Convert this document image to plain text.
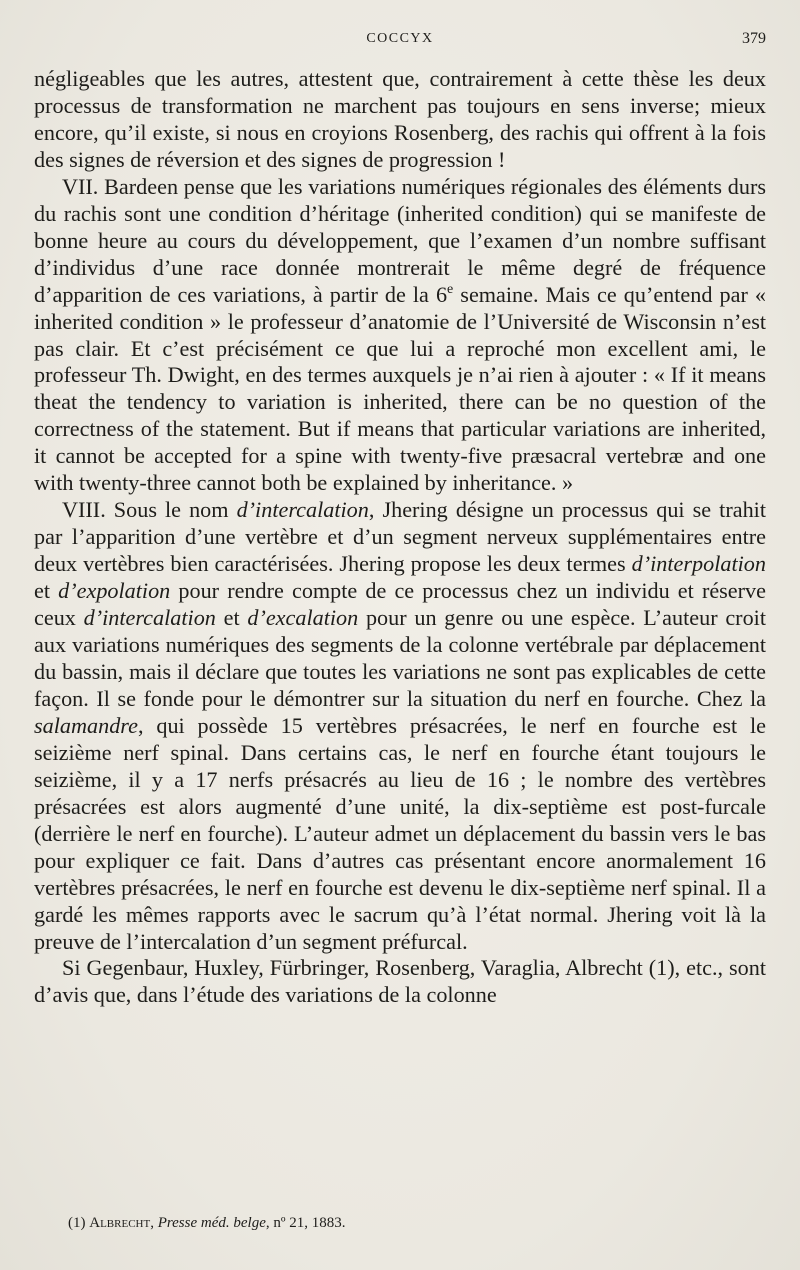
COCCYX	379

négligeables que les autres, attestent que, contrairement à cette thèse les deux processus de transformation ne marchent pas toujours en sens inverse; mieux encore, qu’il existe, si nous en croyions Rosenberg, des rachis qui offrent à la fois des signes de réversion et des signes de progression !

VII. Bardeen pense que les variations numériques régionales des éléments durs du rachis sont une condition d’héritage (inherited condition) qui se manifeste de bonne heure au cours du développement, que l’examen d’un nombre suffisant d’individus d’une race donnée montrerait le même degré de fréquence d’apparition de ces variations, à partir de la 6e semaine. Mais ce qu’entend par « inherited condition » le professeur d’anatomie de l’Université de Wisconsin n’est pas clair. Et c’est précisément ce que lui a reproché mon excellent ami, le professeur Th. Dwight, en des termes auxquels je n’ai rien à ajouter : « If it means theat the tendency to variation is inherited, there can be no question of the correctness of the statement. But if means that particular variations are inherited, it cannot be accepted for a spine with twenty-five præsacral vertebræ and one with twenty-three cannot both be explained by inheritance. »

VIII. Sous le nom d’intercalation, Jhering désigne un processus qui se trahit par l’apparition d’une vertèbre et d’un segment nerveux supplémentaires entre deux vertèbres bien caractérisées. Jhering propose les deux termes d’interpolation et d’expolation pour rendre compte de ce processus chez un individu et réserve ceux d’intercalation et d’excalation pour un genre ou une espèce. L’auteur croit aux variations numériques des segments de la colonne vertébrale par déplacement du bassin, mais il déclare que toutes les variations ne sont pas explicables de cette façon. Il se fonde pour le démontrer sur la situation du nerf en fourche. Chez la salamandre, qui possède 15 vertèbres présacrées, le nerf en fourche est le seizième nerf spinal. Dans certains cas, le nerf en fourche étant toujours le seizième, il y a 17 nerfs présacrés au lieu de 16 ; le nombre des vertèbres présacrées est alors augmenté d’une unité, la dix-septième est post-furcale (derrière le nerf en fourche). L’auteur admet un déplacement du bassin vers le bas pour expliquer ce fait. Dans d’autres cas présentant encore anormalement 16 vertèbres présacrées, le nerf en fourche est devenu le dix-septième nerf spinal. Il a gardé les mêmes rapports avec le sacrum qu’à l’état normal. Jhering voit là la preuve de l’intercalation d’un segment préfurcal.

Si Gegenbaur, Huxley, Fürbringer, Rosenberg, Varaglia, Albrecht (1), etc., sont d’avis que, dans l’étude des variations de la colonne

(1) Albrecht, Presse méd. belge, nº 21, 1883.
